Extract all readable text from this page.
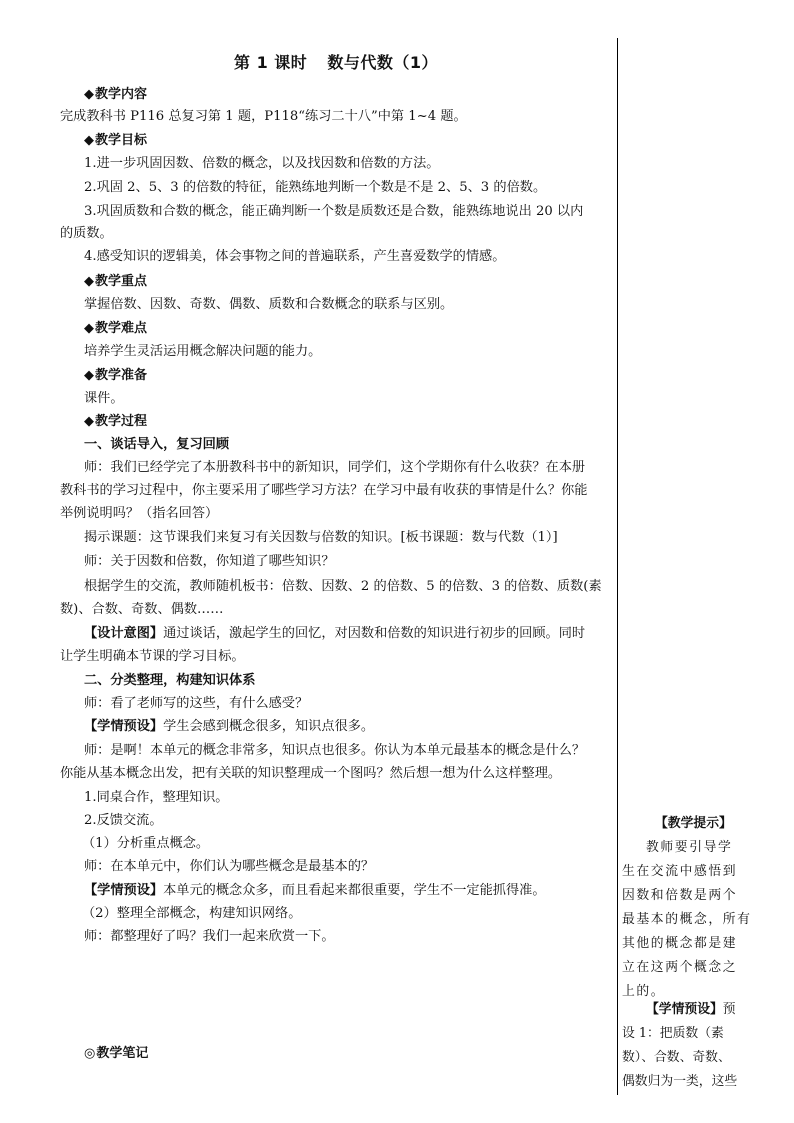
第 1 课时 数与代数（1）
◆教学内容
完成教科书 P116 总复习第 1 题，P118“练习二十八”中第 1~4 题。
◆教学目标
1.进一步巩固因数、倍数的概念，以及找因数和倍数的方法。
2.巩固 2、5、3 的倍数的特征，能熟练地判断一个数是不是 2、5、3 的倍数。
3.巩固质数和合数的概念，能正确判断一个数是质数还是合数，能熟练地说出 20 以内
的质数。
4.感受知识的逻辑美，体会事物之间的普遍联系，产生喜爱数学的情感。
◆教学重点
掌握倍数、因数、奇数、偶数、质数和合数概念的联系与区别。
◆教学难点
培养学生灵活运用概念解决问题的能力。
◆教学准备
课件。
◆教学过程
一、谈话导入，复习回顾
师：我们已经学完了本册教科书中的新知识，同学们，这个学期你有什么收获？在本册
教科书的学习过程中，你主要采用了哪些学习方法？在学习中最有收获的事情是什么？你能
举例说明吗？（指名回答）
揭示课题：这节课我们来复习有关因数与倍数的知识。[板书课题：数与代数（1）]
师：关于因数和倍数，你知道了哪些知识？
根据学生的交流，教师随机板书：倍数、因数、2 的倍数、5 的倍数、3 的倍数、质数(素
数)、合数、奇数、偶数……
【设计意图】通过谈话，激起学生的回忆，对因数和倍数的知识进行初步的回顾。同时
让学生明确本节课的学习目标。
二、分类整理，构建知识体系
师：看了老师写的这些，有什么感受？
【学情预设】学生会感到概念很多，知识点很多。
师：是啊！本单元的概念非常多，知识点也很多。你认为本单元最基本的概念是什么？
你能从基本概念出发，把有关联的知识整理成一个图吗？然后想一想为什么这样整理。
1.同桌合作，整理知识。
2.反馈交流。
（1）分析重点概念。
师：在本单元中，你们认为哪些概念是最基本的？
【学情预设】本单元的概念众多，而且看起来都很重要，学生不一定能抓得准。
（2）整理全部概念，构建知识网络。
师：都整理好了吗？我们一起来欣赏一下。
◎教学笔记
【教学提示】
教师要引导学
生在交流中感悟到
因数和倍数是两个
最基本的概念，所有
其他的概念都是建
立在这两个概念之
上的。
【学情预设】预
设 1：把质数（素
数）、合数、奇数、
偶数归为一类，这些
